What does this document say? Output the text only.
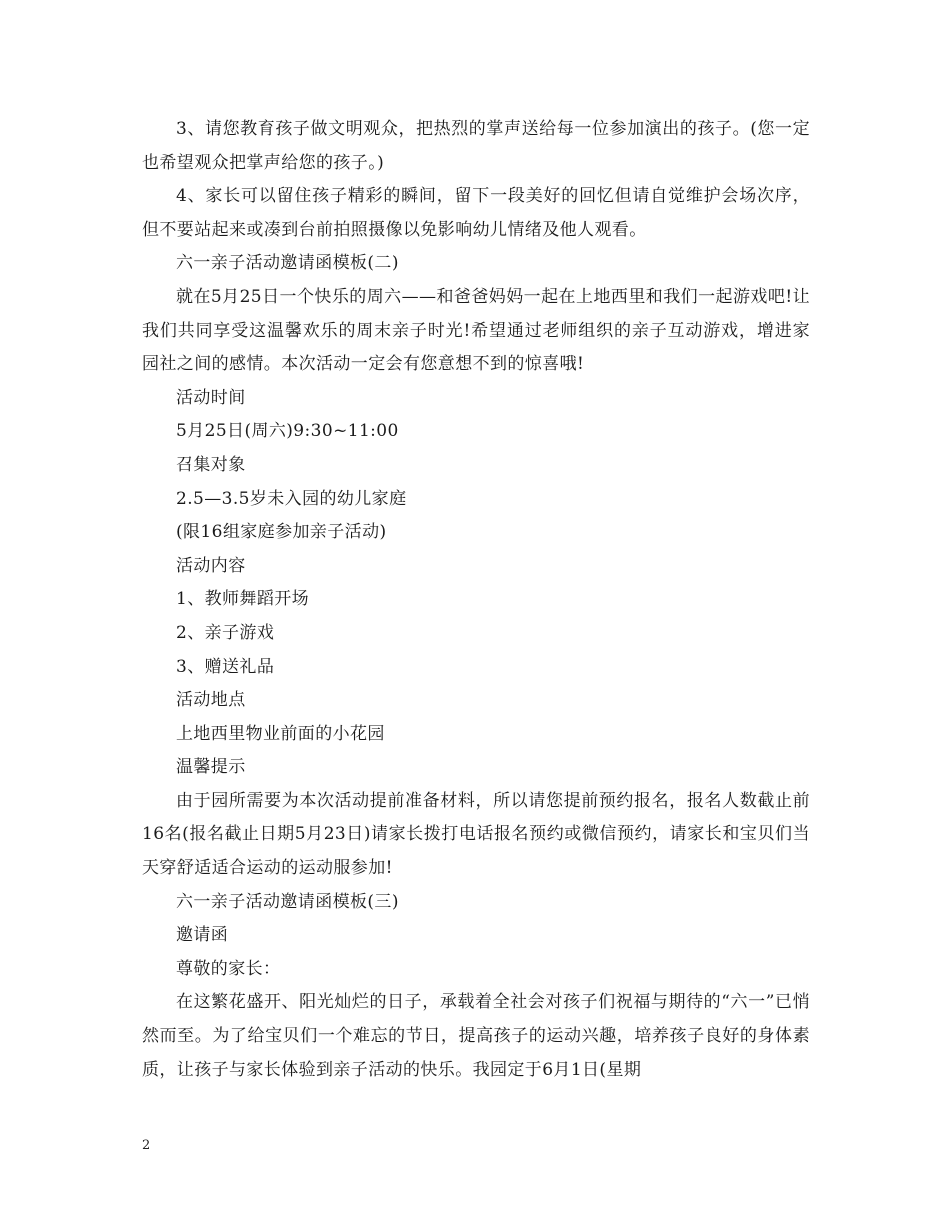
3、请您教育孩子做文明观众，把热烈的掌声送给每一位参加演出的孩子。(您一定也希望观众把掌声给您的孩子。)

4、家长可以留住孩子精彩的瞬间，留下一段美好的回忆但请自觉维护会场次序，但不要站起来或凑到台前拍照摄像以免影响幼儿情绪及他人观看。

六一亲子活动邀请函模板(二)

就在5月25日一个快乐的周六——和爸爸妈妈一起在上地西里和我们一起游戏吧!让我们共同享受这温馨欢乐的周末亲子时光!希望通过老师组织的亲子互动游戏，增进家园社之间的感情。本次活动一定会有您意想不到的惊喜哦!

活动时间

5月25日(周六)9:30~11:00

召集对象

2.5—3.5岁未入园的幼儿家庭

(限16组家庭参加亲子活动)

活动内容

1、教师舞蹈开场

2、亲子游戏

3、赠送礼品

活动地点

上地西里物业前面的小花园

温馨提示

由于园所需要为本次活动提前准备材料，所以请您提前预约报名，报名人数截止前16名(报名截止日期5月23日)请家长拨打电话报名预约或微信预约，请家长和宝贝们当天穿舒适适合运动的运动服参加!

六一亲子活动邀请函模板(三)

邀请函

尊敬的家长：

在这繁花盛开、阳光灿烂的日子，承载着全社会对孩子们祝福与期待的“六一”已悄然而至。为了给宝贝们一个难忘的节日，提高孩子的运动兴趣，培养孩子良好的身体素质，让孩子与家长体验到亲子活动的快乐。我园定于6月1日(星期

2
